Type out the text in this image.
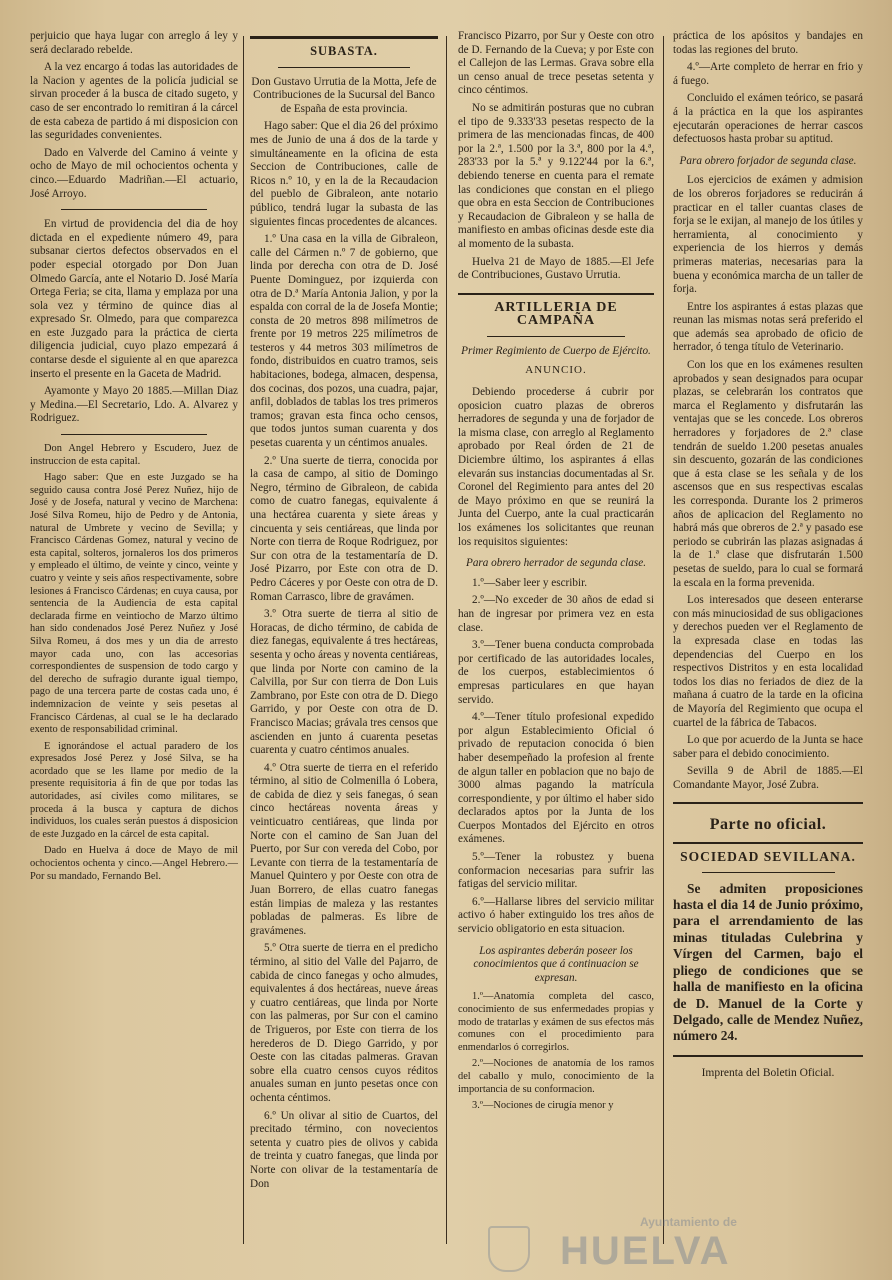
perjuicio que haya lugar con arreglo á ley y será declarado rebelde.

A la vez encargo á todas las autoridades de la Nacion y agentes de la policía judicial se sirvan proceder á la busca de citado sugeto, y caso de ser encontrado lo remitiran á la cárcel de esta cabeza de partido á mi disposicion con las seguridades convenientes.

Dado en Valverde del Camino á veinte y ocho de Mayo de mil ochocientos ochenta y cinco.—Eduardo Madriñan.—El actuario, José Arroyo.

En virtud de providencia del dia de hoy dictada en el expediente número 49, para subsanar ciertos defectos observados en el poder especial otorgado por Don Juan Olmedo García, ante el Notario D. José María Ortega Feria; se cita, llama y emplaza por una sola vez y término de quince dias al expresado Sr. Olmedo, para que comparezca en este Juzgado para la práctica de cierta diligencia judicial, cuyo plazo empezará á contarse desde el siguiente al en que aparezca inserto el presente en la Gaceta de Madrid.

Ayamonte y Mayo 20 1885.—Millan Diaz y Medina.—El Secretario, Ldo. A. Alvarez y Rodriguez.

Don Angel Hebrero y Escudero, Juez de instruccion de esta capital.

Hago saber: Que en este Juzgado se ha seguido causa contra José Perez Nuñez, hijo de José y de Josefa, natural y vecino de Marchena: José Silva Romeu, hijo de Pedro y de Antonia, natural de Umbrete y vecino de Sevilla; y Francisco Cárdenas Gomez, natural y vecino de esta capital, solteros, jornaleros los dos primeros y empleado el último, de veinte y cinco, veinte y cuatro y veinte y seis años respectivamente, sobre lesiones á Francisco Cárdenas; en cuya causa, por sentencia de la Audiencia de esta capital declarada firme en veintiocho de Marzo último han sido condenados José Perez Nuñez y José Silva Romeu, á dos mes y un dia de arresto mayor cada uno, con las accesorias correspondientes de suspension de todo cargo y del derecho de sufragio durante igual tiempo, pago de una tercera parte de costas cada uno, é indemnizacion de veinte y seis pesetas al Francisco Cárdenas, al cual se le ha declarado exento de responsabilidad criminal.

E ignorándose el actual paradero de los expresados José Perez y José Silva, se ha acordado que se les llame por medio de la presente requisitoria á fin de que por todas las autoridades, así civiles como militares, se proceda á la busca y captura de dichos individuos, los cuales serán puestos á disposicion de este Juzgado en la cárcel de esta capital.

Dado en Huelva á doce de Mayo de mil ochocientos ochenta y cinco.—Angel Hebrero.—Por su mandado, Fernando Bel.

SUBASTA.

Don Gustavo Urrutia de la Motta, Jefe de Contribuciones de la Sucursal del Banco de España de esta provincia.

Hago saber: Que el dia 26 del próximo mes de Junio de una á dos de la tarde y simultáneamente en la oficina de esta Seccion de Contribuciones, calle de Ricos n.º 10, y en la de la Recaudacion del pueblo de Gibraleon, ante notario público, tendrá lugar la subasta de las siguientes fincas procedentes de alcances.

1.º Una casa en la villa de Gibraleon, calle del Cármen n.º 7 de gobierno, que linda por derecha con otra de D. José Puente Dominguez, por izquierda con otra de D.ª María Antonia Jalion, y por la espalda con corral de la de Josefa Montie; consta de 20 metros 898 milímetros de frente por 19 metros 225 milímetros de testeros y 44 metros 303 milímetros de fondo, distribuidos en cuatro tramos, seis habitaciones, bodega, almacen, despensa, dos cocinas, dos pozos, una cuadra, pajar, anfil, doblados de tablas los tres primeros tramos; gravan esta finca ocho censos, que todos juntos suman cuarenta y dos pesetas cuarenta y un céntimos anuales.

2.º Una suerte de tierra, conocida por la casa de campo, al sitio de Domingo Negro, término de Gibraleon, de cabida como de cuatro fanegas, equivalente á una hectárea cuarenta y siete áreas y cincuenta y seis centiáreas, que linda por Norte con tierra de Roque Rodriguez, por Sur con otra de la testamentaría de D. José Pizarro, por Este con otra de D. Pedro Cáceres y por Oeste con otra de D. Roman Carrasco, libre de gravámen.

3.º Otra suerte de tierra al sitio de Horacas, de dicho término, de cabida de diez fanegas, equivalente á tres hectáreas, sesenta y ocho áreas y noventa centiáreas, que linda por Norte con camino de la Calvilla, por Sur con tierra de Don Luis Zambrano, por Este con otra de D. Diego Garrido, y por Oeste con otra de D. Francisco Macias; grávala tres censos que ascienden en junto á cuarenta pesetas cuarenta y cuatro céntimos anuales.

4.º Otra suerte de tierra en el referido término, al sitio de Colmenilla ó Lobera, de cabida de diez y seis fanegas, ó sean cinco hectáreas noventa áreas y veinticuatro centiáreas, que linda por Norte con el camino de San Juan del Puerto, por Sur con vereda del Cobo, por Levante con tierra de la testamentaría de Manuel Quintero y por Oeste con otra de Juan Borrero, de ellas cuatro fanegas están limpias de maleza y las restantes pobladas de palmeras. Es libre de gravámenes.

5.º Otra suerte de tierra en el predicho término, al sitio del Valle del Pajarro, de cabida de cinco fanegas y ocho almudes, equivalentes á dos hectáreas, nueve áreas y cuatro centiáreas, que linda por Norte con las palmeras, por Sur con el camino de Trigueros, por Este con tierra de los herederos de D. Diego Garrido, y por Oeste con las citadas palmeras. Gravan sobre ella cuatro censos cuyos réditos anuales suman en junto pesetas once con ochenta céntimos.

6.º Un olivar al sitio de Cuartos, del precitado término, con novecientos setenta y cuatro pies de olivos y cabida de treinta y cuatro fanegas, que linda por Norte con olivar de la testamentaría de Don

Francisco Pizarro, por Sur y Oeste con otro de D. Fernando de la Cueva; y por Este con el Callejon de las Lermas. Grava sobre ella un censo anual de trece pesetas setenta y cinco céntimos.

No se admitirán posturas que no cubran el tipo de 9.333'33 pesetas respecto de la primera de las mencionadas fincas, de 400 por la 2.ª, 1.500 por la 3.ª, 800 por la 4.ª, 283'33 por la 5.ª y 9.122'44 por la 6.ª, debiendo tenerse en cuenta para el remate las condiciones que constan en el pliego que obra en esta Seccion de Contribuciones y Recaudacion de Gibraleon y se halla de manifiesto en ambas oficinas desde este dia al momento de la subasta.

Huelva 21 de Mayo de 1885.—El Jefe de Contribuciones, Gustavo Urrutia.

ARTILLERIA DE CAMPAÑA
Primer Regimiento de Cuerpo de Ejército.
ANUNCIO.

Debiendo procederse á cubrir por oposicion cuatro plazas de obreros herradores de segunda y una de forjador de la misma clase, con arreglo al Reglamento aprobado por Real órden de 21 de Diciembre último, los aspirantes á ellas elevarán sus instancias documentadas al Sr. Coronel del Regimiento para antes del 20 de Mayo próximo en que se reunirá la Junta del Cuerpo, ante la cual practicarán los exámenes los solicitantes que reunan los requisitos siguientes:

Para obrero herrador de segunda clase.

1.º—Saber leer y escribir.

2.º—No exceder de 30 años de edad si han de ingresar por primera vez en esta clase.

3.º—Tener buena conducta comprobada por certificado de las autoridades locales, de los cuerpos, establecimientos ó empresas particulares en que hayan servido.

4.º—Tener título profesional expedido por algun Establecimiento Oficial ó privado de reputacion conocida ó bien haber desempeñado la profesion al frente de algun taller en poblacion que no bajo de 3000 almas pagando la matrícula correspondiente, y por último el haber sido declarados aptos por la Junta de los Cuerpos Montados del Ejército en otros exámenes.

5.º—Tener la robustez y buena conformacion necesarias para sufrir las fatigas del servicio militar.

6.º—Hallarse libres del servicio militar activo ó haber extinguido los tres años de servicio obligatorio en esta situacion.

Los aspirantes deberán poseer los conocimientos que á continuacion se expresan.

1.º—Anatomía completa del casco, conocimiento de sus enfermedades propias y modo de tratarlas y exámen de sus efectos más comunes con el procedimiento para enmendarlos ó corregirlos.

2.º—Nociones de anatomía de los ramos del caballo y mulo, conocimiento de la importancia de su conformacion.

3.º—Nociones de cirugía menor y

práctica de los apósitos y bandajes en todas las regiones del bruto.

4.º—Arte completo de herrar en frio y á fuego.

Concluido el exámen teórico, se pasará á la práctica en la que los aspirantes ejecutarán operaciones de herrar cascos defectuosos hasta probar su aptitud.

Para obrero forjador de segunda clase.

Los ejercicios de exámen y admision de los obreros forjadores se reducirán á practicar en el taller cuantas clases de forja se le exijan, al manejo de los útiles y herramienta, al conocimiento y experiencia de los hierros y demás primeras materias, necesarias para la buena y económica marcha de un taller de forja.

Entre los aspirantes á estas plazas que reunan las mismas notas será preferido el que además sea aprobado de oficio de herrador, ó tenga título de Veterinario.

Con los que en los exámenes resulten aprobados y sean designados para ocupar plazas, se celebrarán los contratos que marca el Reglamento y disfrutarán las ventajas que se les concede. Los obreros herradores y forjadores de 2.ª clase tendrán de sueldo 1.200 pesetas anuales sin descuento, gozarán de las condiciones que á esta clase se les señala y de los ascensos que en sus respectivas escalas les corresponda. Durante los 2 primeros años de aplicacion del Reglamento no habrá más que obreros de 2.ª y pasado ese periodo se cubrirán las plazas asignadas á la de 1.ª clase que disfrutarán 1.500 pesetas de sueldo, para lo cual se formará la escala en la forma prevenida.

Los interesados que deseen enterarse con más minuciosidad de sus obligaciones y derechos pueden ver el Reglamento de la expresada clase en todas las dependencias del Cuerpo en los respectivos Distritos y en esta localidad todos los dias no feriados de diez de la mañana á cuatro de la tarde en la oficina de Mayoría del Regimiento que ocupa el cuartel de la fábrica de Tabacos.

Lo que por acuerdo de la Junta se hace saber para el debido conocimiento.

Sevilla 9 de Abril de 1885.—El Comandante Mayor, José Zubra.

Parte no oficial.
SOCIEDAD SEVILLANA.

Se admiten proposiciones hasta el dia 14 de Junio próximo, para el arrendamiento de las minas tituladas Culebrina y Vírgen del Carmen, bajo el pliego de condiciones que se halla de manifiesto en la oficina de D. Manuel de la Corte y Delgado, calle de Mendez Nuñez, número 24.

Imprenta del Boletin Oficial.
Ayuntamiento de
HUELVA
